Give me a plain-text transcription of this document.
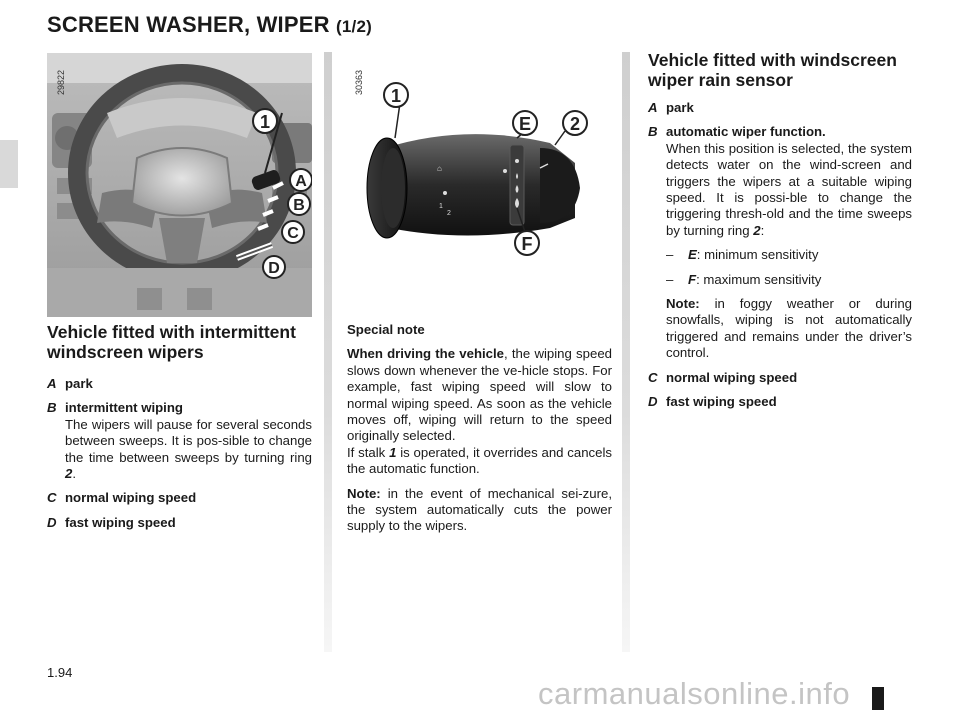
SCREEN WASHER, WIPER (1/2)
1
A
B
C
D
29822
⌂
1
2
1
E 2
F
30363
Vehicle fitted with intermittent
windscreen wipers
A park
B intermittent wiping
The wipers will pause for several seconds between sweeps. It is pos-sible to change the time between sweeps by turning ring 2.
C normal wiping speed
D fast wiping speed

Special note

When driving the vehicle, the wiping speed slows down whenever the ve-hicle stops. For example, fast wiping speed will slow to normal wiping speed. As soon as the vehicle moves off, wiping will return to the speed originally selected.

If stalk 1 is operated, it overrides and cancels the automatic function.

Note: in the event of mechanical sei-zure, the system automatically cuts the power supply to the wipers.

Vehicle fitted with windscreen
wiper rain sensor
A park
B automatic wiper function.
When this position is selected, the system detects water on the wind-screen and triggers the wipers at a suitable wiping speed. It is possi-ble to change the triggering thresh-old and the time sweeps by turning ring 2:
– E: minimum sensitivity
– F: maximum sensitivity
Note: in foggy weather or during snowfalls, wiping is not automatically triggered and remains under the driver’s control.
C normal wiping speed
D fast wiping speed
1.94
carmanualsonline.info
